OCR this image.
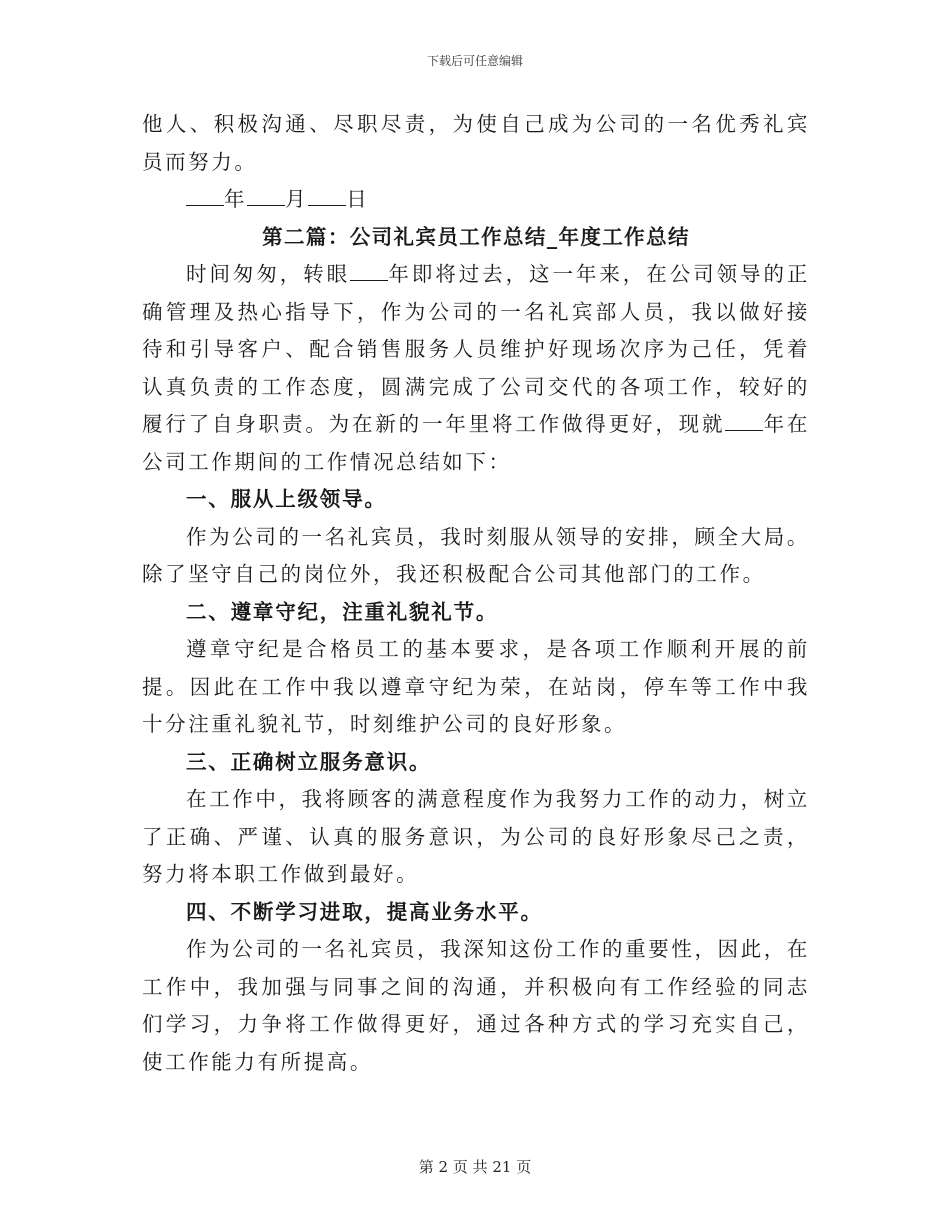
下载后可任意编辑

他人、积极沟通、尽职尽责，为使自己成为公司的一名优秀礼宾员而努力。

年 月 日

第二篇：公司礼宾员工作总结_年度工作总结

时间匆匆，转眼 年即将过去，这一年来，在公司领导的正确管理及热心指导下，作为公司的一名礼宾部人员，我以做好接待和引导客户、配合销售服务人员维护好现场次序为己任，凭着认真负责的工作态度，圆满完成了公司交代的各项工作，较好的履行了自身职责。为在新的一年里将工作做得更好，现就 年在公司工作期间的工作情况总结如下：

一、服从上级领导。

作为公司的一名礼宾员，我时刻服从领导的安排，顾全大局。除了坚守自己的岗位外，我还积极配合公司其他部门的工作。

二、遵章守纪，注重礼貌礼节。

遵章守纪是合格员工的基本要求，是各项工作顺利开展的前提。因此在工作中我以遵章守纪为荣，在站岗，停车等工作中我十分注重礼貌礼节，时刻维护公司的良好形象。

三、正确树立服务意识。

在工作中，我将顾客的满意程度作为我努力工作的动力，树立了正确、严谨、认真的服务意识，为公司的良好形象尽己之责，努力将本职工作做到最好。

四、不断学习进取，提高业务水平。

作为公司的一名礼宾员，我深知这份工作的重要性，因此，在工作中，我加强与同事之间的沟通，并积极向有工作经验的同志们学习，力争将工作做得更好，通过各种方式的学习充实自己，使工作能力有所提高。

第 2 页 共 21 页
